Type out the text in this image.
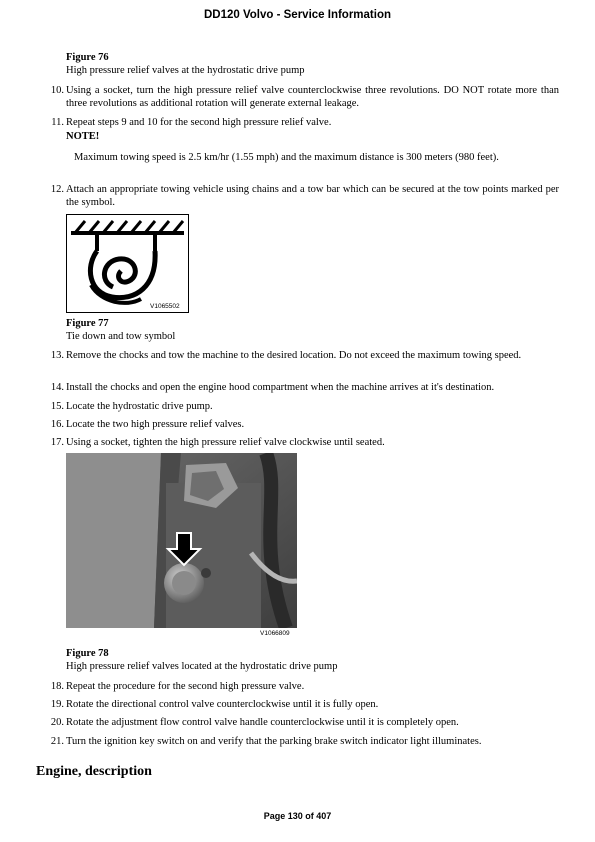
DD120 Volvo - Service Information
Figure 76
High pressure relief valves at the hydrostatic drive pump
10. Using a socket, turn the high pressure relief valve counterclockwise three revolutions. DO NOT rotate more than three revolutions as additional rotation will generate external leakage.
11. Repeat steps 9 and 10 for the second high pressure relief valve.
NOTE!
Maximum towing speed is 2.5 km/hr (1.55 mph) and the maximum distance is 300 meters (980 feet).
12. Attach an appropriate towing vehicle using chains and a tow bar which can be secured at the tow points marked per the symbol.
V1065502
Figure 77
Tie down and tow symbol
13. Remove the chocks and tow the machine to the desired location. Do not exceed the maximum towing speed.
14. Install the chocks and open the engine hood compartment when the machine arrives at it's destination.
15. Locate the hydrostatic drive pump.
16. Locate the two high pressure relief valves.
17. Using a socket, tighten the high pressure relief valve clockwise until seated.
V1066809
Figure 78
High pressure relief valves located at the hydrostatic drive pump
18. Repeat the procedure for the second high pressure valve.
19. Rotate the directional control valve counterclockwise until it is fully open.
20. Rotate the adjustment flow control valve handle counterclockwise until it is completely open.
21. Turn the ignition key switch on and verify that the parking brake switch indicator light illuminates.
Engine, description
Page 130 of 407
